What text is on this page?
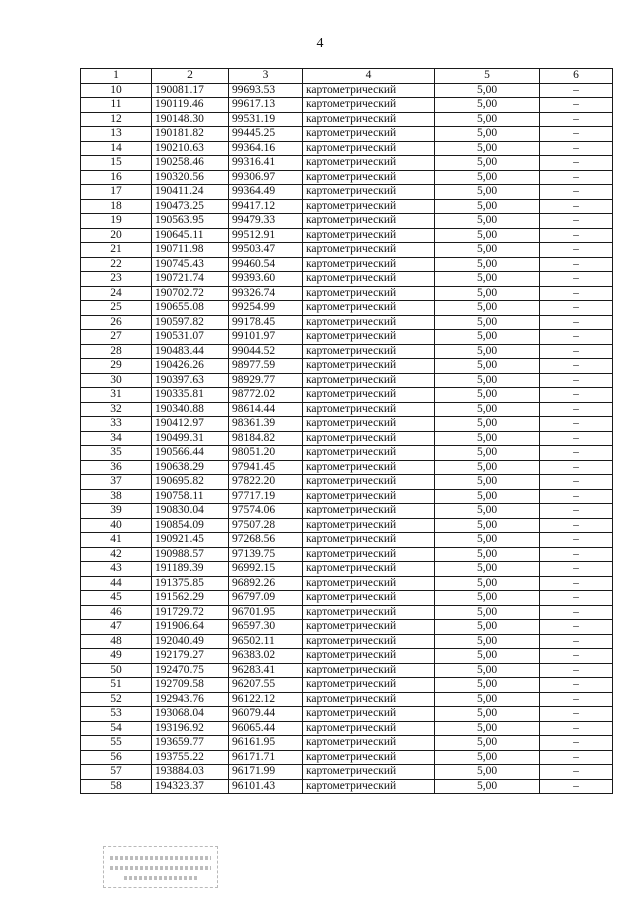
4
1	2	3	4	5	6
10	190081.17	99693.53	картометрический	5,00	–
11	190119.46	99617.13	картометрический	5,00	–
12	190148.30	99531.19	картометрический	5,00	–
13	190181.82	99445.25	картометрический	5,00	–
14	190210.63	99364.16	картометрический	5,00	–
15	190258.46	99316.41	картометрический	5,00	–
16	190320.56	99306.97	картометрический	5,00	–
17	190411.24	99364.49	картометрический	5,00	–
18	190473.25	99417.12	картометрический	5,00	–
19	190563.95	99479.33	картометрический	5,00	–
20	190645.11	99512.91	картометрический	5,00	–
21	190711.98	99503.47	картометрический	5,00	–
22	190745.43	99460.54	картометрический	5,00	–
23	190721.74	99393.60	картометрический	5,00	–
24	190702.72	99326.74	картометрический	5,00	–
25	190655.08	99254.99	картометрический	5,00	–
26	190597.82	99178.45	картометрический	5,00	–
27	190531.07	99101.97	картометрический	5,00	–
28	190483.44	99044.52	картометрический	5,00	–
29	190426.26	98977.59	картометрический	5,00	–
30	190397.63	98929.77	картометрический	5,00	–
31	190335.81	98772.02	картометрический	5,00	–
32	190340.88	98614.44	картометрический	5,00	–
33	190412.97	98361.39	картометрический	5,00	–
34	190499.31	98184.82	картометрический	5,00	–
35	190566.44	98051.20	картометрический	5,00	–
36	190638.29	97941.45	картометрический	5,00	–
37	190695.82	97822.20	картометрический	5,00	–
38	190758.11	97717.19	картометрический	5,00	–
39	190830.04	97574.06	картометрический	5,00	–
40	190854.09	97507.28	картометрический	5,00	–
41	190921.45	97268.56	картометрический	5,00	–
42	190988.57	97139.75	картометрический	5,00	–
43	191189.39	96992.15	картометрический	5,00	–
44	191375.85	96892.26	картометрический	5,00	–
45	191562.29	96797.09	картометрический	5,00	–
46	191729.72	96701.95	картометрический	5,00	–
47	191906.64	96597.30	картометрический	5,00	–
48	192040.49	96502.11	картометрический	5,00	–
49	192179.27	96383.02	картометрический	5,00	–
50	192470.75	96283.41	картометрический	5,00	–
51	192709.58	96207.55	картометрический	5,00	–
52	192943.76	96122.12	картометрический	5,00	–
53	193068.04	96079.44	картометрический	5,00	–
54	193196.92	96065.44	картометрический	5,00	–
55	193659.77	96161.95	картометрический	5,00	–
56	193755.22	96171.71	картометрический	5,00	–
57	193884.03	96171.99	картометрический	5,00	–
58	194323.37	96101.43	картометрический	5,00	–
